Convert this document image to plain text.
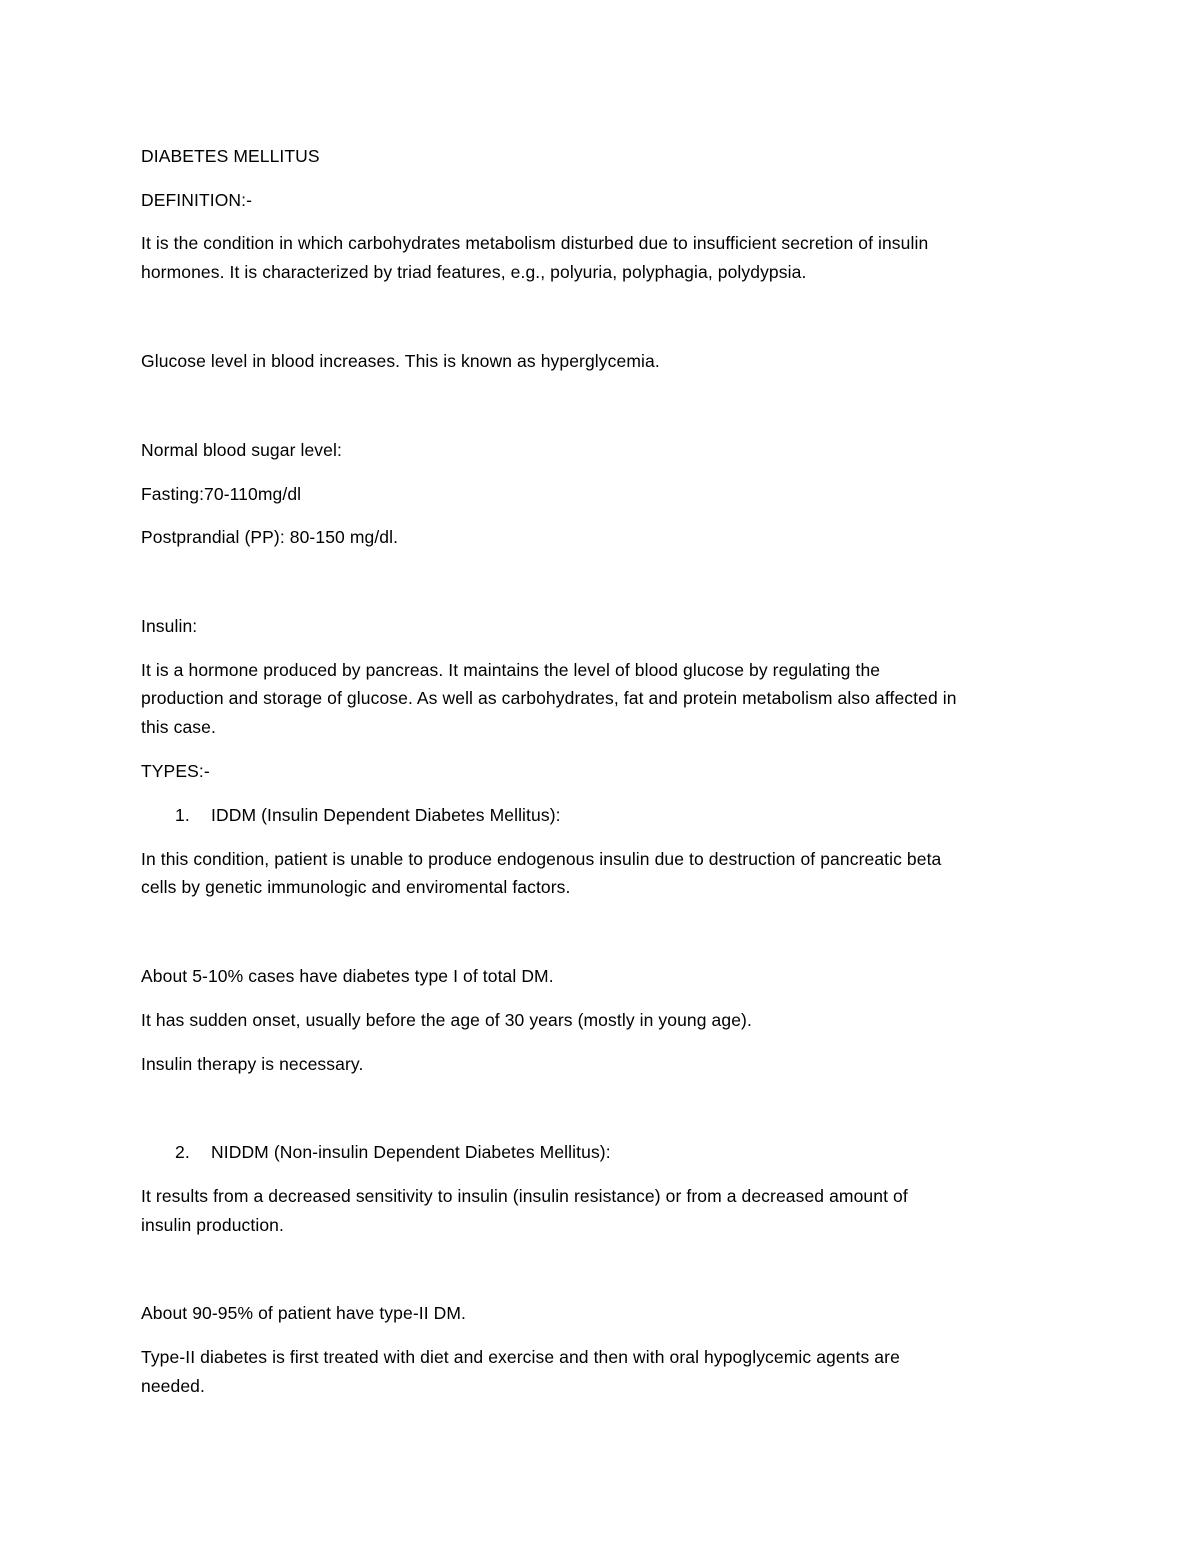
DIABETES MELLITUS
DEFINITION:-
It is the condition in which carbohydrates metabolism disturbed due to insufficient secretion of insulin
hormones. It is characterized by triad features, e.g., polyuria, polyphagia, polydypsia.
Glucose level in blood increases. This is known as hyperglycemia.
Normal blood sugar level:
Fasting:70-110mg/dl
Postprandial (PP): 80-150 mg/dl.
Insulin:
It is a hormone produced by pancreas. It maintains the level of blood glucose by regulating the
production and storage of glucose. As well as carbohydrates, fat and protein metabolism also affected in
this case.
TYPES:-
1. IDDM (Insulin Dependent Diabetes Mellitus):
In this condition, patient is unable to produce endogenous insulin due to destruction of pancreatic beta
cells by genetic immunologic and enviromental factors.
About 5-10% cases have diabetes type I of total DM.
It has sudden onset, usually before the age of 30 years (mostly in young age).
Insulin therapy is necessary.
2. NIDDM (Non-insulin Dependent Diabetes Mellitus):
It results from a decreased sensitivity to insulin (insulin resistance) or from a decreased amount of
insulin production.
About 90-95% of patient have type-II DM.
Type-II diabetes is first treated with diet and exercise and then with oral hypoglycemic agents are
needed.
